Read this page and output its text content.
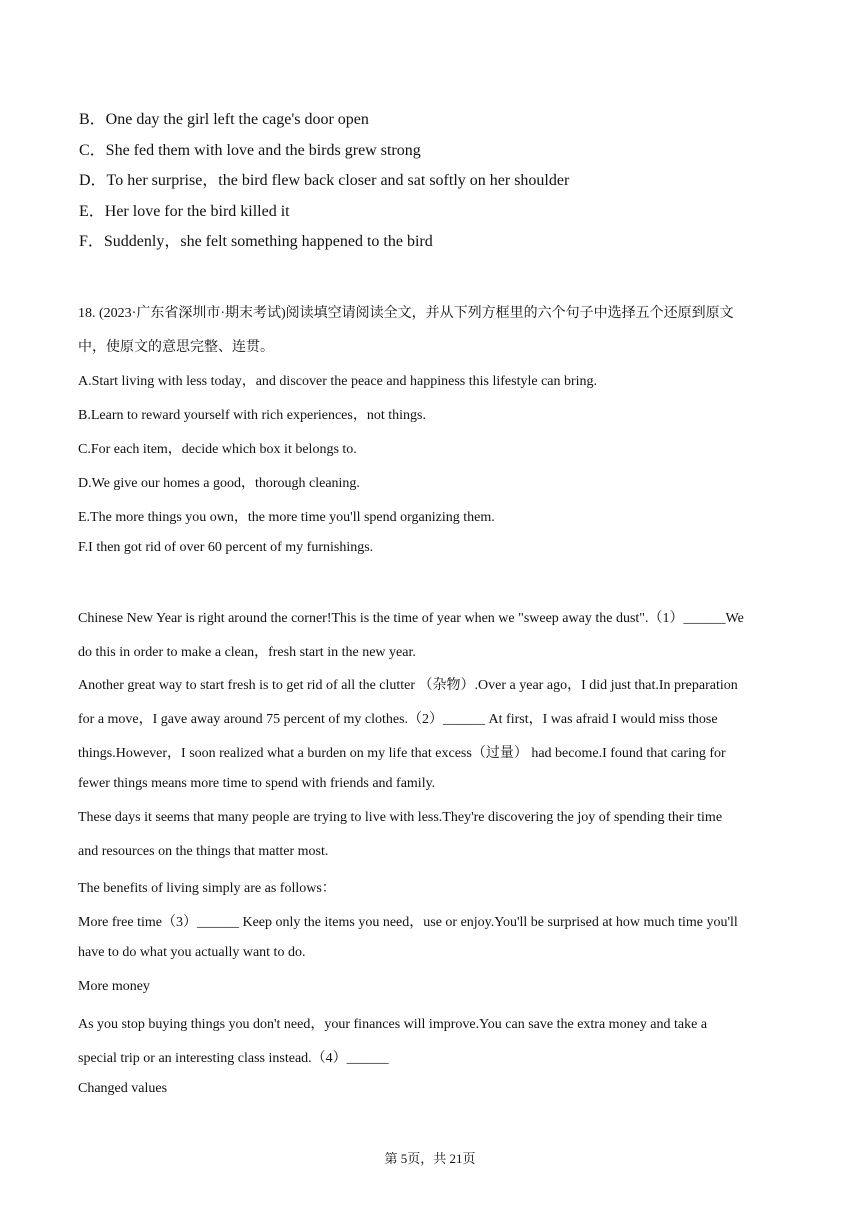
B．One day the girl left the cage's door open
C．She fed them with love and the birds grew strong
D．To her surprise，the bird flew back closer and sat softly on her shoulder
E．Her love for the bird killed it
F．Suddenly，she felt something happened to the bird
18. (2023·广东省深圳市·期末考试)阅读填空请阅读全文，并从下列方框里的六个句子中选择五个还原到原文
中，使原文的意思完整、连贯。
A.Start living with less today，and discover the peace and happiness this lifestyle can bring.
B.Learn to reward yourself with rich experiences，not things.
C.For each item，decide which box it belongs to.
D.We give our homes a good，thorough cleaning.
E.The more things you own，the more time you'll spend organizing them.
F.I then got rid of over 60 percent of my furnishings.
Chinese New Year is right around the corner!This is the time of year when we "sweep away the dust".（1）______We
do this in order to make a clean，fresh start in the new year.
Another great way to start fresh is to get rid of all the clutter （杂物）.Over a year ago，I did just that.In preparation
for a move，I gave away around 75 percent of my clothes.（2）______ At first，I was afraid I would miss those
things.However，I soon realized what a burden on my life that excess（过量） had become.I found that caring for
fewer things means more time to spend with friends and family.
These days it seems that many people are trying to live with less.They're discovering the joy of spending their time
and resources on the things that matter most.
The benefits of living simply are as follows：
More free time（3）______ Keep only the items you need，use or enjoy.You'll be surprised at how much time you'll
have to do what you actually want to do.
More money
As you stop buying things you don't need，your finances will improve.You can save the extra money and take a
special trip or an interesting class instead.（4）______
Changed values
第 5页，共 21页
